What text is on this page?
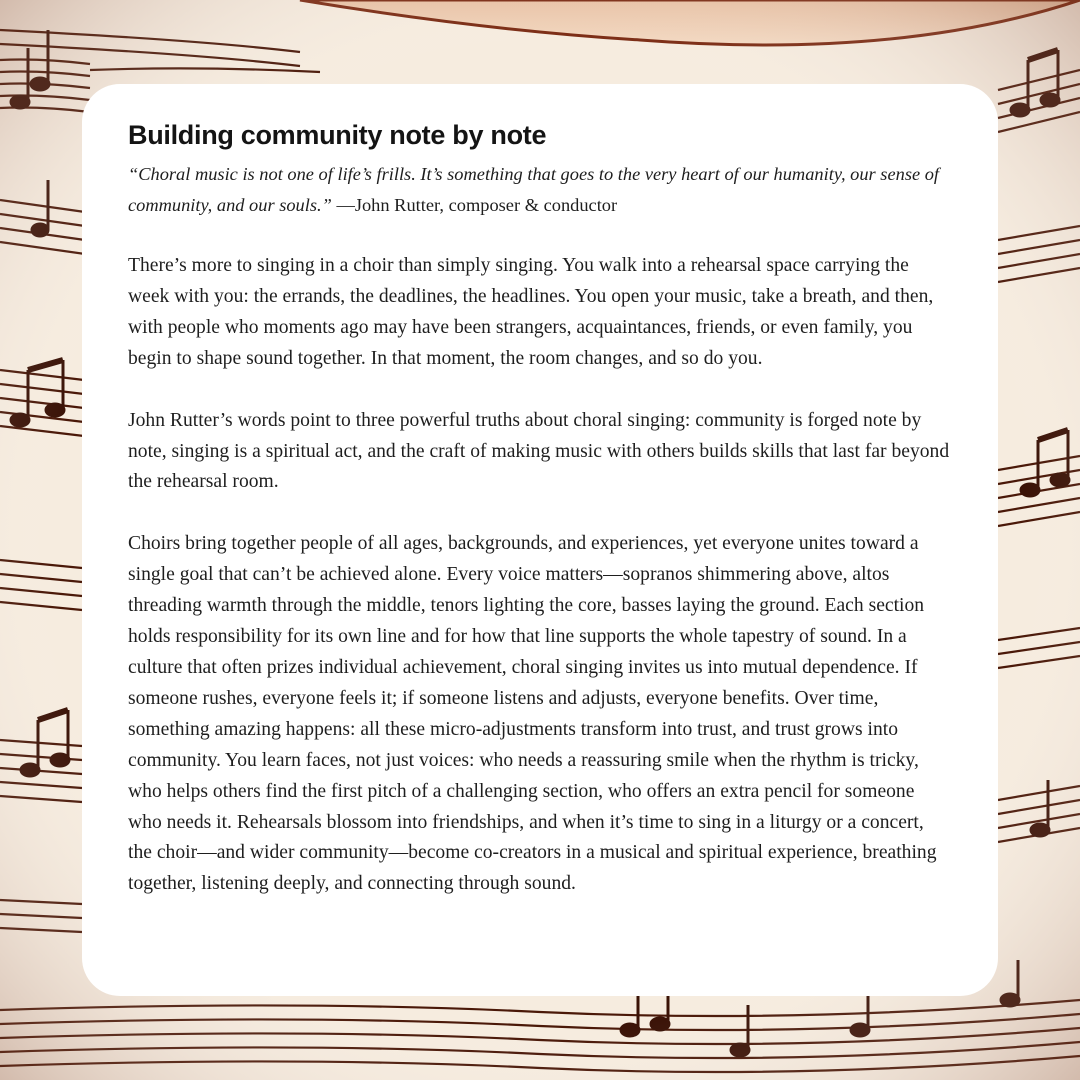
Building community note by note

“Choral music is not one of life’s frills. It’s something that goes to the very heart of our humanity, our sense of community, and our souls.” —John Rutter, composer & conductor

There’s more to singing in a choir than simply singing. You walk into a rehearsal space carrying the week with you: the errands, the deadlines, the headlines. You open your music, take a breath, and then, with people who moments ago may have been strangers, acquaintances, friends, or even family, you begin to shape sound together. In that moment, the room changes, and so do you.

John Rutter’s words point to three powerful truths about choral singing: community is forged note by note, singing is a spiritual act, and the craft of making music with others builds skills that last far beyond the rehearsal room.

Choirs bring together people of all ages, backgrounds, and experiences, yet everyone unites toward a single goal that can’t be achieved alone. Every voice matters—sopranos shimmering above, altos threading warmth through the middle, tenors lighting the core, basses laying the ground. Each section holds responsibility for its own line and for how that line supports the whole tapestry of sound. In a culture that often prizes individual achievement, choral singing invites us into mutual dependence. If someone rushes, everyone feels it; if someone listens and adjusts, everyone benefits. Over time, something amazing happens: all these micro-adjustments transform into trust, and trust grows into community. You learn faces, not just voices: who needs a reassuring smile when the rhythm is tricky, who helps others find the first pitch of a challenging section, who offers an extra pencil for someone who needs it. Rehearsals blossom into friendships, and when it’s time to sing in a liturgy or a concert, the choir—and wider community—become co-creators in a musical and spiritual experience, breathing together, listening deeply, and connecting through sound.
